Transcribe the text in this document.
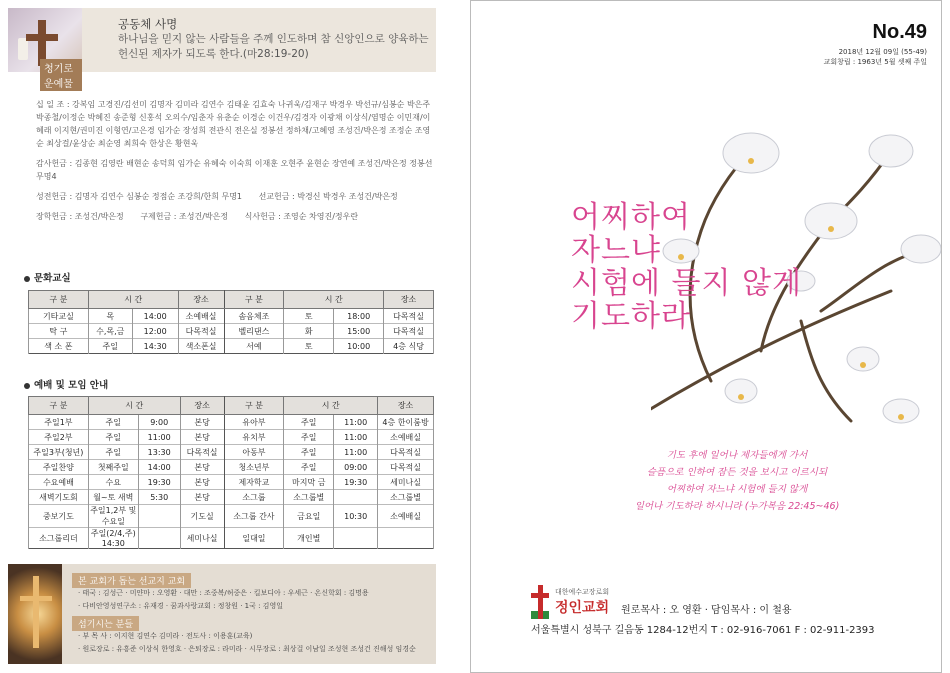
청기로운예물
공동체 사명
하나님을 믿지 않는 사람들을 주께 인도하며 참 신앙인으로 양육하는 헌신된 제자가 되도록 한다.(마28:19-20)

십 일 조 : 강복임 고경진/김선미 김명자 김미라 김연수 김태윤 김효숙 나귀욱/김재구 박경우 박선규/심봉순 박은주 박종철/이정순 박혜진 송준형 신홍석 오의수/임춘자 유춘순 이경순 이건우/김경자 이광채 이상식/염명순 이민재/이혜래 이지현/권미진 이형연/고은경 임가순 장성희 전관식 전은실 정봉선 정하채/고혜영 조성건/박은정 조정순 조영순 최상걸/윤상순 최순영 최희숙 한상은 황현욱

감사헌금 : 김종현 김영란 배현순 송덕희 임가순 유혜숙 이숙희 이재훈 오현주 윤현순 장연예 조성건/박은정 정봉선 무명4

성전헌금 : 김명자 김연수 심봉순 정점순 조강희/한희 무명1 선교헌금 : 박경신 박경우 조성건/박은정

장학헌금 : 조성건/박은정 구제헌금 : 조성건/박은정 식사헌금 : 조영순 차영진/정우란

문화교실
구 분	시 간		장소	구 분	시 간		장소
기타교실	목	14:00	소예배실	솜음체조	토	18:00	다목적실
탁 구	수,목,금	12:00	다목적실	벨리댄스	화	15:00	다목적실
색 소 폰	주일	14:30	색소폰실	서예	토	10:00	4층 식당
예배 및 모임 안내
구 분	시 간		장소	구 분	시 간		장소
주일1부	주일	9:00	본당	유아부	주일	11:00	4층 한이룸방
주일2부	주일	11:00	본당	유치부	주일	11:00	소예배실
주일3부(청년)	주일	13:30	다목적실	아동부	주일	11:00	다목적실
주일찬양	첫째주일	14:00	본당	청소년부	주일	09:00	다목적실
수요예배	수요	19:30	본당	제자학교	마지막 금	19:30	세미나실
새벽기도회	월~토 새벽	5:30	본당	소그룹	소그룹별		소그룹별
중보기도	주일1,2부 및 수요일		기도실	소그룹 간사	금요일	10:30	소예배실
소그룹리더	주일(2/4,주) 14:30		세미나실	일대일	개인별		
본 교회가 돕는 선교지 교회
· 태국 : 김성근 · 미얀마 : 오영환 · 대만 : 조중복/허중은 · 킬보디아 : 우세근 · 온신학회 : 김명용
· 다비안영성연구소 : 유재경 · 꿈과사랑교회 : 정창원 · 1국 : 김영일
섬기시는 분들
· 부 목 사 : 이지현 김연수 김미라 · 전도사 : 이용훈(교육)
· 원로장로 : 유흥준 이상식 한영호 · 은퇴장로 : 라미라 · 시무장로 : 최상걸 이남일 조성현 조성건 진해성 임경순
No.49
2018년 12월 09일 (55-49)
교회창립 : 1963년 5월 셋째 주일
어찌하여
자느냐
시험에 들지 않게
기도하라
기도 후에 일어나 제자들에게 가서
슬픔으로 인하여 잠든 것을 보시고 이르시되
어찌하여 자느냐 시험에 들지 않게
일어나 기도하라 하시니라 (누가복음 22:45~46)
대한예수교장로회
정인교회 원로목사 : 오 영환 · 담임목사 : 이 철용
서울특별시 성북구 길음동 1284-12번지 T : 02-916-7061 F : 02-911-2393
